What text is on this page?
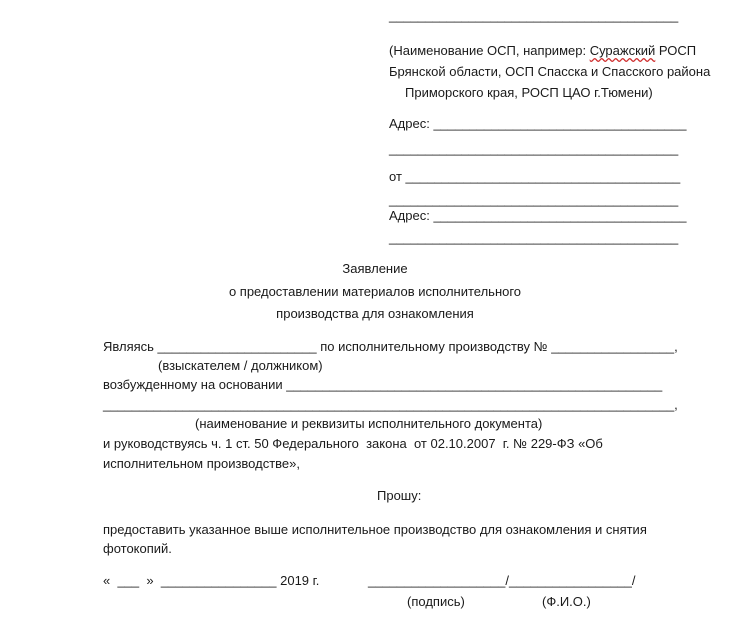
________________________________________
(Наименование ОСП, например: Суражский РОСП
Брянской области, ОСП Спасска и Спасского района
Приморского края, РОСП ЦАО г.Тюмени)
Адрес: ___________________________________
________________________________________
от ______________________________________
________________________________________
Адрес: ___________________________________
________________________________________
Заявление
о предоставлении материалов исполнительного
производства для ознакомления
Являясь ______________________ по исполнительному производству № _________________,
(взыскателем / должником)
возбужденному на основании ____________________________________________________
_______________________________________________________________________________,
(наименование и реквизиты исполнительного документа)
и руководствуясь ч. 1 ст. 50 Федерального  закона  от 02.10.2007  г. № 229-ФЗ «Об
исполнительном производстве»,
Прошу:
предоставить указанное выше исполнительное производство для ознакомления и снятия
фотокопий.
«  ___  »  ________________ 2019 г.	___________________/_________________/
(подпись)	(Ф.И.О.)
